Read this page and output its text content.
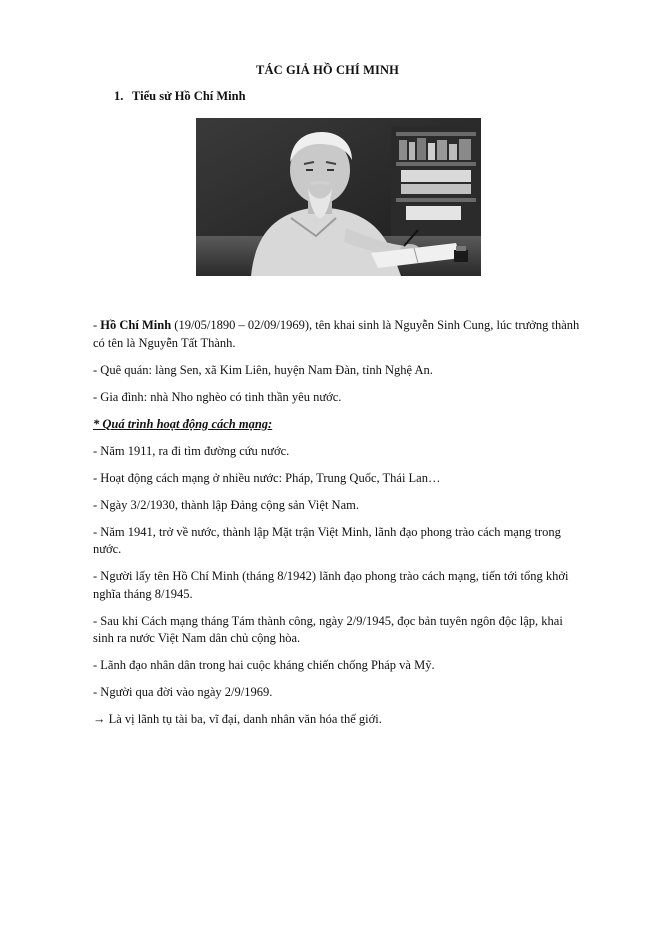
TÁC GIẢ HỒ CHÍ MINH
1. Tiểu sử Hồ Chí Minh

- Hồ Chí Minh (19/05/1890 – 02/09/1969), tên khai sinh là Nguyễn Sinh Cung, lúc trưởng thành có tên là Nguyễn Tất Thành.

- Quê quán: làng Sen, xã Kim Liên, huyện Nam Đàn, tỉnh Nghệ An.

- Gia đình: nhà Nho nghèo có tinh thần yêu nước.

* Quá trình hoạt động cách mạng:

- Năm 1911, ra đi tìm đường cứu nước.

- Hoạt động cách mạng ở nhiều nước: Pháp, Trung Quốc, Thái Lan…

- Ngày 3/2/1930, thành lập Đảng cộng sản Việt Nam.

- Năm 1941, trở về nước, thành lập Mặt trận Việt Minh, lãnh đạo phong trào cách mạng trong nước.

- Người lấy tên Hồ Chí Minh (tháng 8/1942) lãnh đạo phong trào cách mạng, tiến tới tổng khởi nghĩa tháng 8/1945.

- Sau khi Cách mạng tháng Tám thành công, ngày 2/9/1945, đọc bản tuyên ngôn độc lập, khai sinh ra nước Việt Nam dân chủ cộng hòa.

- Lãnh đạo nhân dân trong hai cuộc kháng chiến chống Pháp và Mỹ.

- Người qua đời vào ngày 2/9/1969.

→ Là vị lãnh tụ tài ba, vĩ đại, danh nhân văn hóa thế giới.
